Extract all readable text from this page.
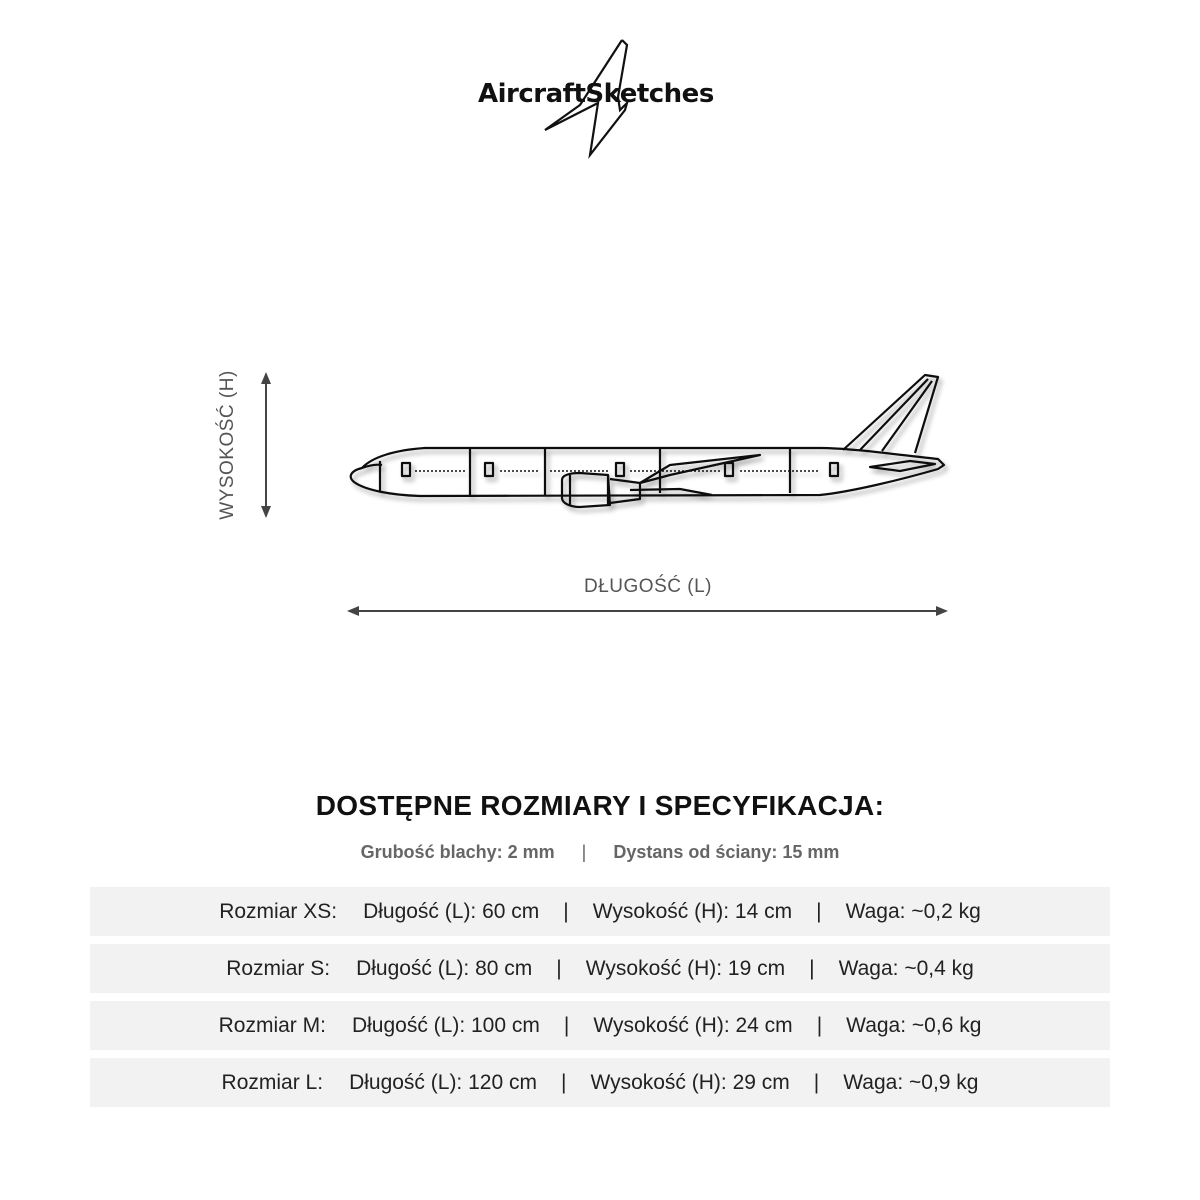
AircraftSketches
WYSOKOŚĆ (H)
DŁUGOŚĆ (L)
DOSTĘPNE ROZMIARY I SPECYFIKACJA:
Grubość blachy: 2 mm | Dystans od ściany: 15 mm
Rozmiar XS: Długość (L): 60 cm | Wysokość (H): 14 cm | Waga: ~0,2 kg
Rozmiar S: Długość (L): 80 cm | Wysokość (H): 19 cm | Waga: ~0,4 kg
Rozmiar M: Długość (L): 100 cm | Wysokość (H): 24 cm | Waga: ~0,6 kg
Rozmiar L: Długość (L): 120 cm | Wysokość (H): 29 cm | Waga: ~0,9 kg
